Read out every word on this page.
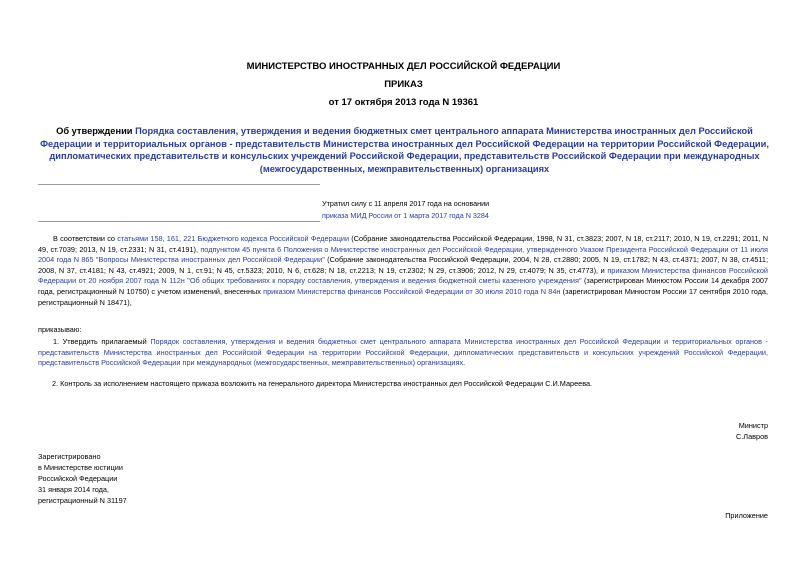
МИНИСТЕРСТВО ИНОСТРАННЫХ ДЕЛ РОССИЙСКОЙ ФЕДЕРАЦИИ
ПРИКАЗ
от 17 октября 2013 года N 19361
Об утверждении Порядка составления, утверждения и ведения бюджетных смет центрального аппарата Министерства иностранных дел Российской Федерации и территориальных органов - представительств Министерства иностранных дел Российской Федерации на территории Российской Федерации, дипломатических представительств и консульских учреждений Российской Федерации, представительств Российской Федерации при международных (межгосударственных, межправительственных) организациях
Утратил силу с 11 апреля 2017 года на основании
приказа МИД России от 1 марта 2017 года N 3284
В соответствии со статьями 158, 161, 221 Бюджетного кодекса Российской Федерации (Собрание законодательства Российской Федерации, 1998, N 31, ст.3823; 2007, N 18, ст.2117; 2010, N 19, ст.2291; 2011, N 49, ст.7039; 2013, N 19, ст.2331; N 31, ст.4191), подпунктом 45 пункта 6 Положения о Министерстве иностранных дел Российской Федерации, утвержденного Указом Президента Российской Федерации от 11 июля 2004 года N 865 "Вопросы Министерства иностранных дел Российской Федерации" (Собрание законодательства Российской Федерации, 2004, N 28, ст.2880; 2005, N 19, ст.1782; N 43, ст.4371; 2007, N 38, ст.4511; 2008, N 37, ст.4181; N 43, ст.4921; 2009, N 1, ст.91; N 45, ст.5323; 2010, N 6, ст.628; N 18, ст.2213; N 19, ст.2302; N 29, ст.3906; 2012, N 29, ст.4079; N 35, ст.4773), и приказом Министерства финансов Российской Федерации от 20 ноября 2007 года N 112н "Об общих требованиях к порядку составления, утверждения и ведения бюджетной сметы казенного учреждения" (зарегистрирован Минюстом России 14 декабря 2007 года, регистрационный N 10750) с учетом изменений, внесенных приказом Министерства финансов Российской Федерации от 30 июля 2010 года N 84н (зарегистрирован Минюстом России 17 сентября 2010 года, регистрационный N 18471),
приказываю:
1. Утвердить прилагаемый Порядок составления, утверждения и ведения бюджетных смет центрального аппарата Министерства иностранных дел Российской Федерации и территориальных органов - представительств Министерства иностранных дел Российской Федерации на территории Российской Федерации, дипломатических представительств и консульских учреждений Российской Федерации, представительств Российской Федерации при международных (межгосударственных, межправительственных) организациях.
2. Контроль за исполнением настоящего приказа возложить на генерального директора Министерства иностранных дел Российской Федерации С.И.Мареева.
Министр
С.Лавров
Зарегистрировано
в Министерстве юстиции
Российской Федерации
31 января 2014 года,
регистрационный N 31197
Приложение
